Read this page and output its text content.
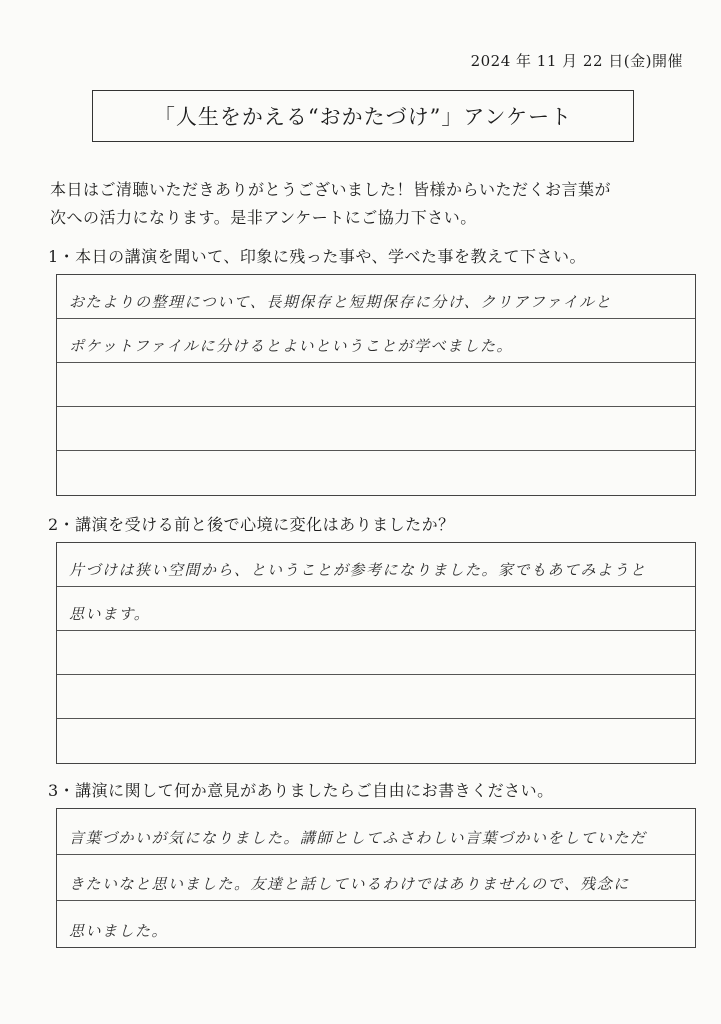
2024 年 11 月 22 日(金)開催
「人生をかえる“おかたづけ”」アンケート
本日はご清聴いただきありがとうございました！皆様からいただくお言葉が
次への活力になります。是非アンケートにご協力下さい。
1・本日の講演を聞いて、印象に残った事や、学べた事を教えて下さい。
おたよりの整理について、長期保存と短期保存に分け、クリアファイルと
ポケットファイルに分けるとよいということが学べました。
2・講演を受ける前と後で心境に変化はありましたか？
片づけは狭い空間から、ということが参考になりました。家でもあてみようと
思います。
3・講演に関して何か意見がありましたらご自由にお書きください。
言葉づかいが気になりました。講師としてふさわしい言葉づかいをしていただ
きたいなと思いました。友達と話しているわけではありませんので、残念に
思いました。
